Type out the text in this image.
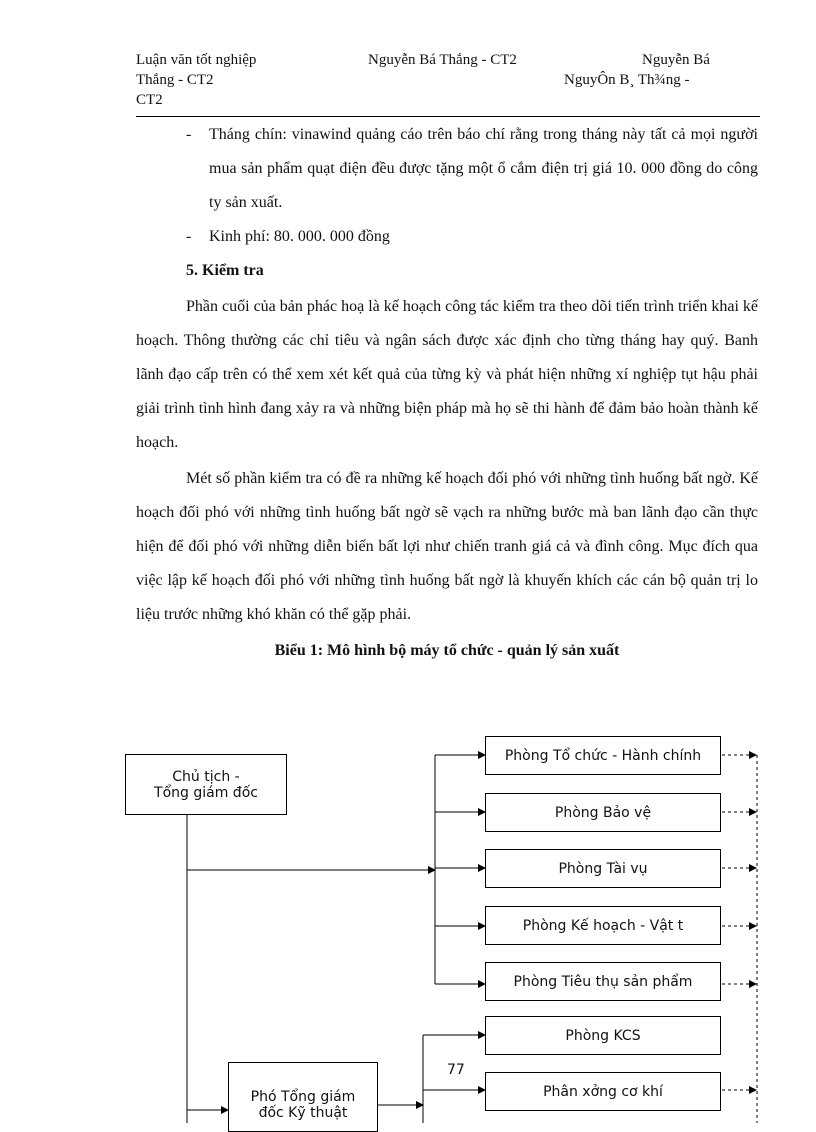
Luận văn tốt nghiệp
Thắng - CT2
CT2
Nguyễn Bá Thắng - CT2	Nguyễn Bá
NguyÔn B¸ Th¾ng -
- Tháng chín: vinawind quảng cáo trên báo chí rằng trong tháng này tất cả mọi người mua sản phẩm quạt điện đều được tặng một ổ cắm điện trị giá 10. 000 đồng do công ty sản xuất.
- Kinh phí: 80. 000. 000 đồng
5. Kiểm tra
Phần cuối của bản phác hoạ là kế hoạch công tác kiểm tra theo dõi tiến trình triển khai kế hoạch. Thông thường các chỉ tiêu và ngân sách được xác định cho từng tháng hay quý. Banh lãnh đạo cấp trên có thể xem xét kết quả của từng kỳ và phát hiện những xí nghiệp tụt hậu phải giải trình tình hình đang xảy ra và những biện pháp mà họ sẽ thi hành để đảm bảo hoàn thành kế hoạch.
Mét số phần kiểm tra có đề ra những kế hoạch đối phó với những tình huống bất ngờ. Kế hoạch đối phó với những tình huống bất ngờ sẽ vạch ra những bước mà ban lãnh đạo cần thực hiện để đối phó với những diễn biến bất lợi như chiến tranh giá cả và đình công. Mục đích qua việc lập kế hoạch đối phó với những tình huống bất ngờ là khuyến khích các cán bộ quản trị lo liệu trước những khó khăn có thể gặp phải.
Biểu 1: Mô hình bộ máy tổ chức - quản lý sản xuất
Chủ tịch -
Tổng giám đốc
Phòng Tổ chức - Hành chính
Phòng Bảo vệ
Phòng Tài vụ
Phòng Kế hoạch - Vật t
Phòng Tiêu thụ sản phẩm
Phòng KCS
Phân xởng cơ khí
Phó Tổng giám
đốc Kỹ thuật
77
